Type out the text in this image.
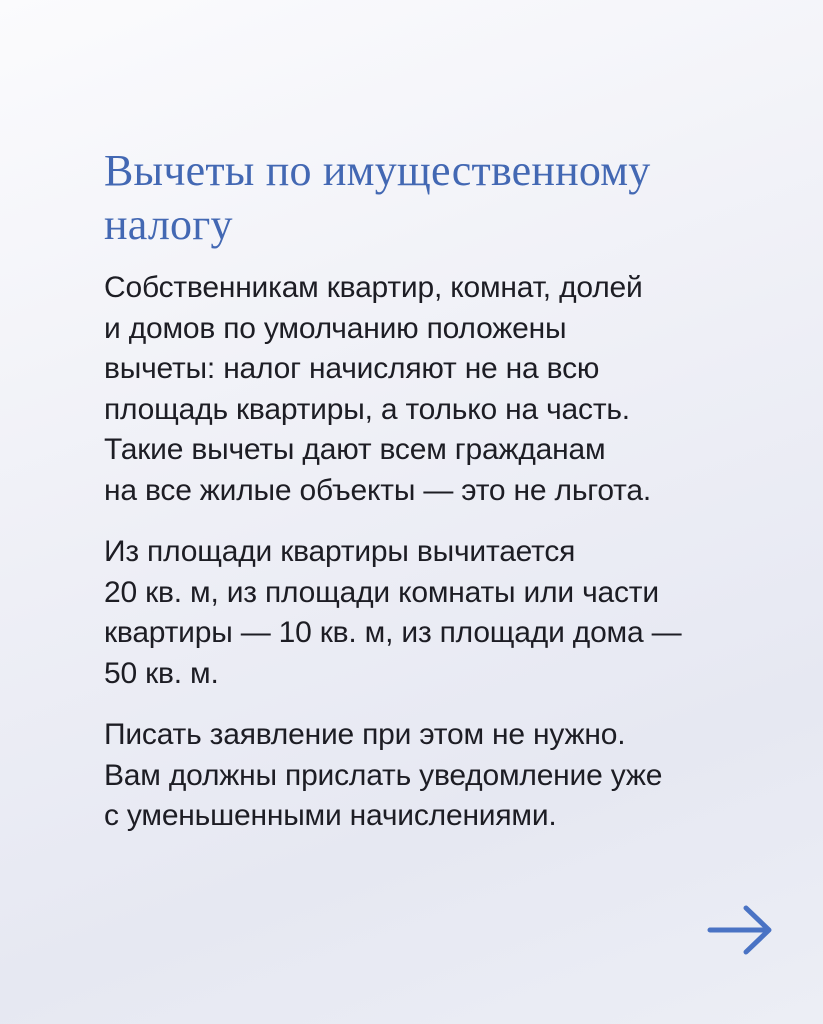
Вычеты по имущественному
налогу

Собственникам квартир, комнат, долей
и домов по умолчанию положены
вычеты: налог начисляют не на всю
площадь квартиры, а только на часть.
Такие вычеты дают всем гражданам
на все жилые объекты — это не льгота.

Из площади квартиры вычитается
20 кв. м, из площади комнаты или части
квартиры — 10 кв. м, из площади дома —
50 кв. м.

Писать заявление при этом не нужно.
Вам должны прислать уведомление уже
с уменьшенными начислениями.
